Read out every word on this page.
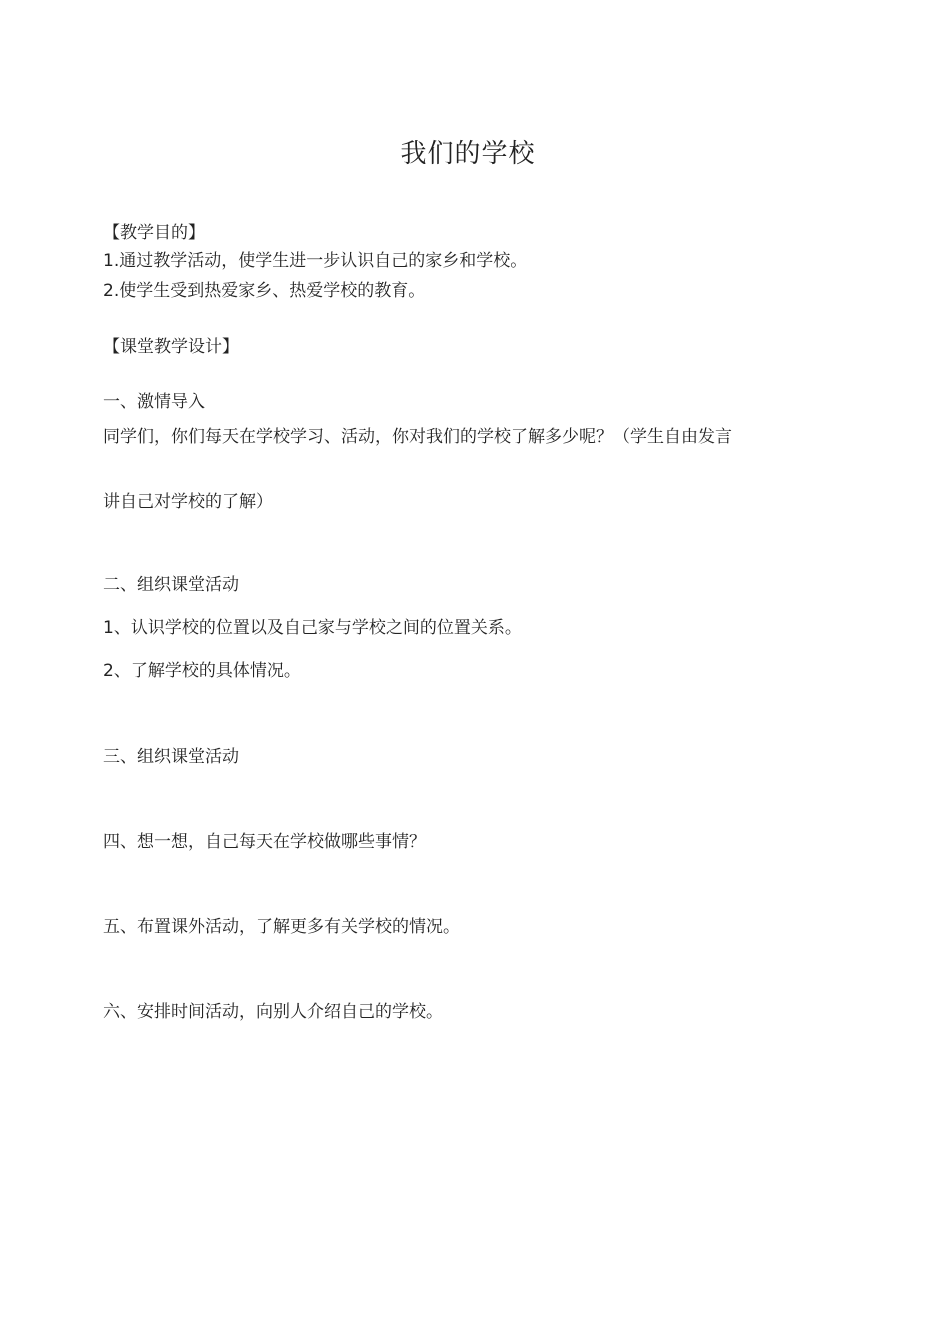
我们的学校
【教学目的】
1.通过教学活动，使学生进一步认识自己的家乡和学校。
2.使学生受到热爱家乡、热爱学校的教育。
【课堂教学设计】
一、激情导入
同学们，你们每天在学校学习、活动，你对我们的学校了解多少呢？（学生自由发言
讲自己对学校的了解）
二、组织课堂活动
1、认识学校的位置以及自己家与学校之间的位置关系。
2、了解学校的具体情况。
三、组织课堂活动
四、想一想，自己每天在学校做哪些事情？
五、布置课外活动，了解更多有关学校的情况。
六、安排时间活动，向别人介绍自己的学校。
